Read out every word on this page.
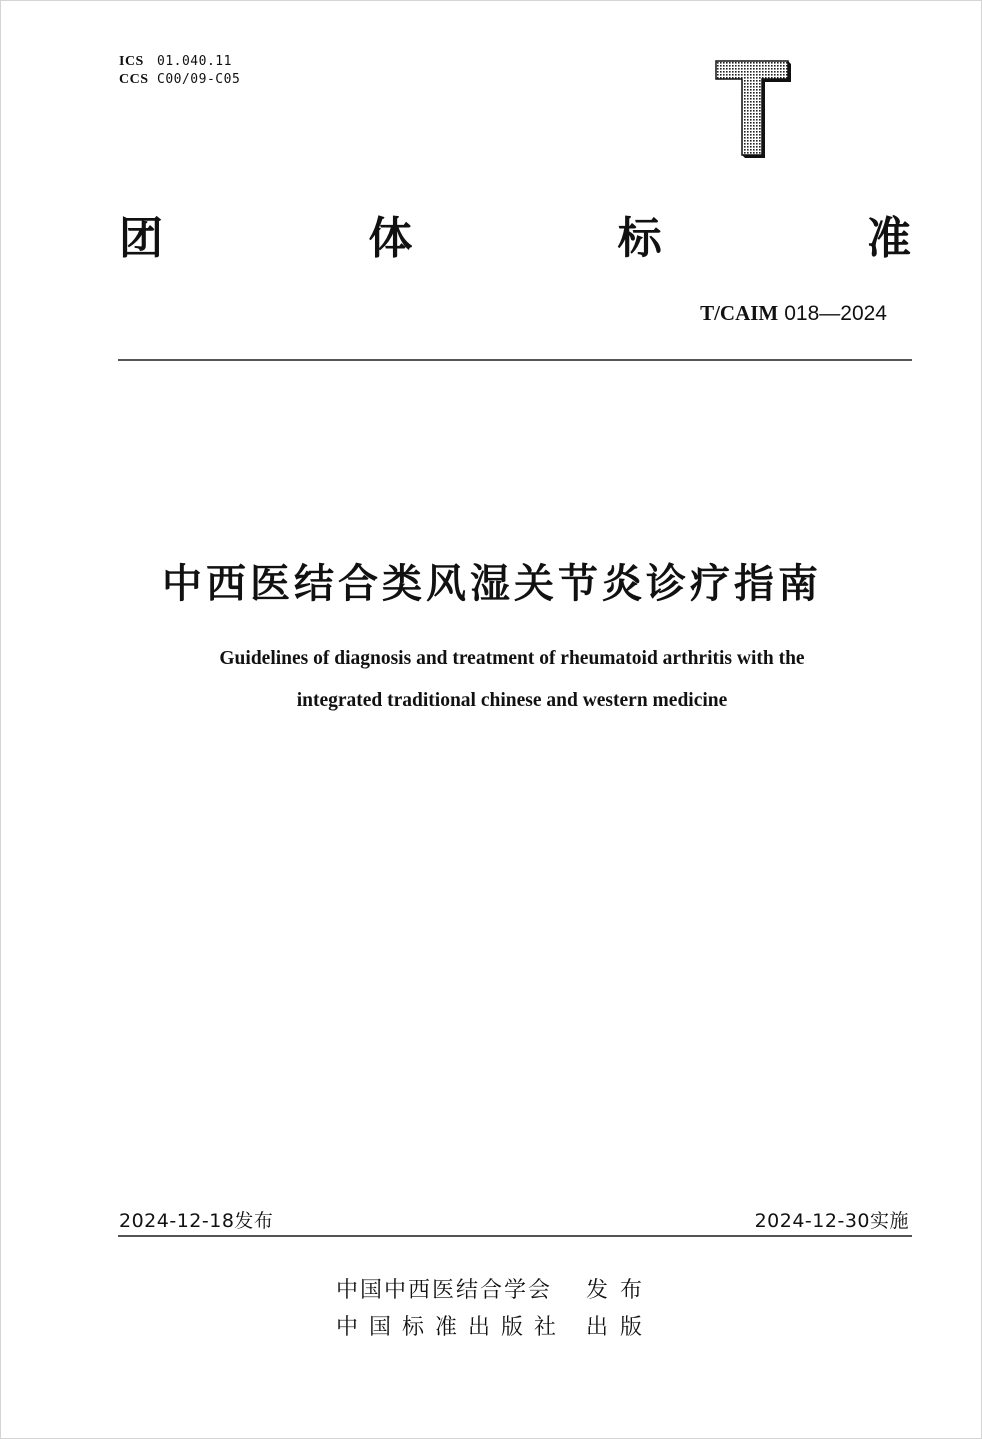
ICS 01.040.11
CCS C00/09-C05
团	体	标	准
T/CAIM 018—2024
中西医结合类风湿关节炎诊疗指南
Guidelines of diagnosis and treatment of rheumatoid arthritis with the
integrated traditional chinese and western medicine
2024-12-18发布	2024-12-30实施
中国中西医结合学会 发布
中国标准出版社 出版
